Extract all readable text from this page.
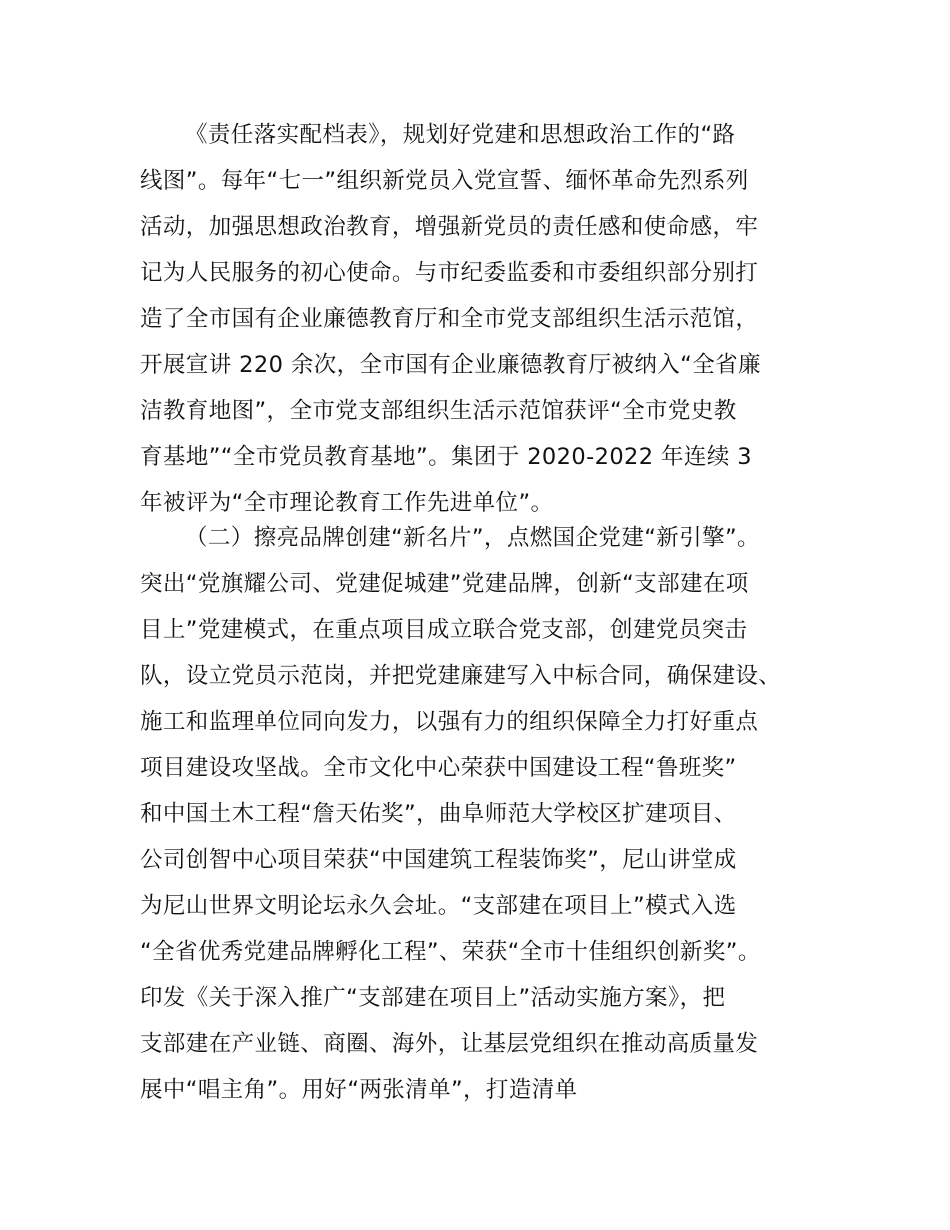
《责任落实配档表》，规划好党建和思想政治工作的“路
线图”。每年“七一”组织新党员入党宣誓、缅怀革命先烈系列
活动，加强思想政治教育，增强新党员的责任感和使命感，牢
记为人民服务的初心使命。与市纪委监委和市委组织部分别打
造了全市国有企业廉德教育厅和全市党支部组织生活示范馆，
开展宣讲 220 余次，全市国有企业廉德教育厅被纳入“全省廉
洁教育地图”，全市党支部组织生活示范馆获评“全市党史教
育基地”“全市党员教育基地”。集团于 2020-2022 年连续 3
年被评为“全市理论教育工作先进单位”。
（二）擦亮品牌创建“新名片”，点燃国企党建“新引擎”。
突出“党旗耀公司、党建促城建”党建品牌，创新“支部建在项
目上”党建模式，在重点项目成立联合党支部，创建党员突击
队，设立党员示范岗，并把党建廉建写入中标合同，确保建设、
施工和监理单位同向发力，以强有力的组织保障全力打好重点
项目建设攻坚战。全市文化中心荣获中国建设工程“鲁班奖”
和中国土木工程“詹天佑奖”，曲阜师范大学校区扩建项目、
公司创智中心项目荣获“中国建筑工程装饰奖”，尼山讲堂成
为尼山世界文明论坛永久会址。“支部建在项目上”模式入选
“全省优秀党建品牌孵化工程”、荣获“全市十佳组织创新奖”。
印发《关于深入推广“支部建在项目上”活动实施方案》，把
支部建在产业链、商圈、海外，让基层党组织在推动高质量发
展中“唱主角”。用好“两张清单”，打造清单
